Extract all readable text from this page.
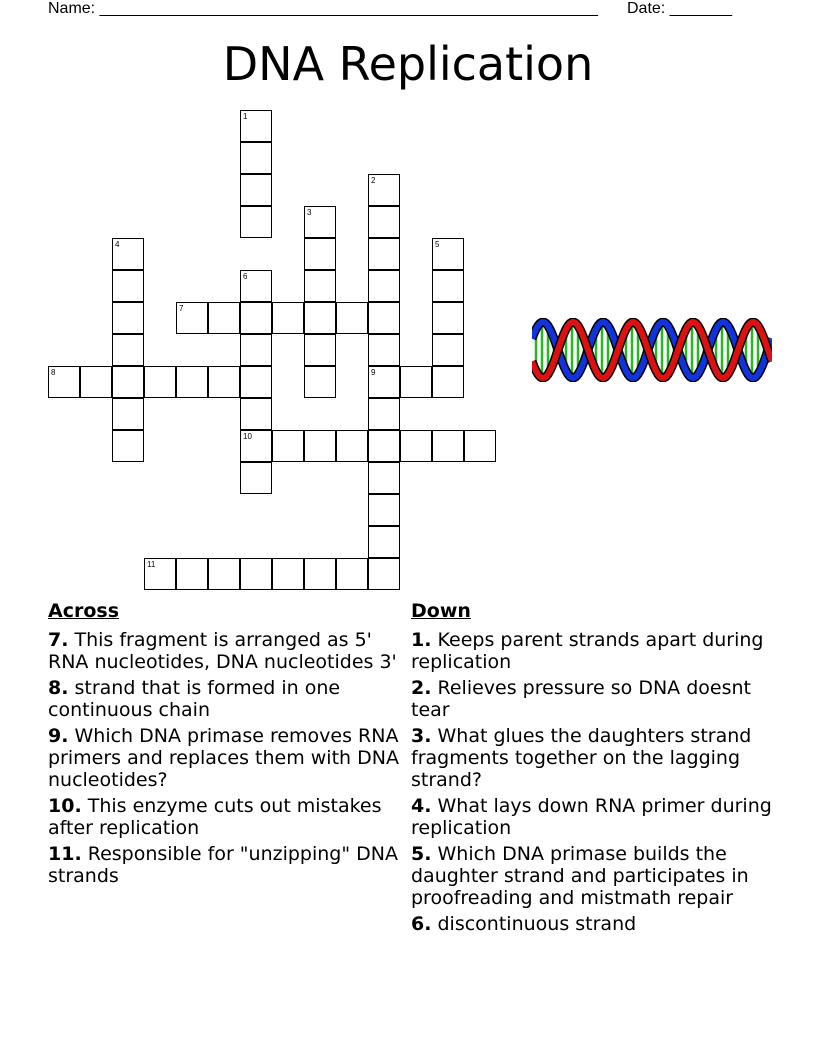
Name: ________________________________________________________ Date: _______
DNA Replication
1
2
9
3
4	5
6
10
7
8
11
Across
7. This fragment is arranged as 5' RNA nucleotides, DNA nucleotides 3'
8. strand that is formed in one continuous chain
9. Which DNA primase removes RNA primers and replaces them with DNA nucleotides?
10. This enzyme cuts out mistakes after replication
11. Responsible for "unzipping" DNA strands
Down
1. Keeps parent strands apart during replication
2. Relieves pressure so DNA doesnt tear
3. What glues the daughters strand fragments together on the lagging strand?
4. What lays down RNA primer during replication
5. Which DNA primase builds the daughter strand and participates in proofreading and mistmath repair
6. discontinuous strand
